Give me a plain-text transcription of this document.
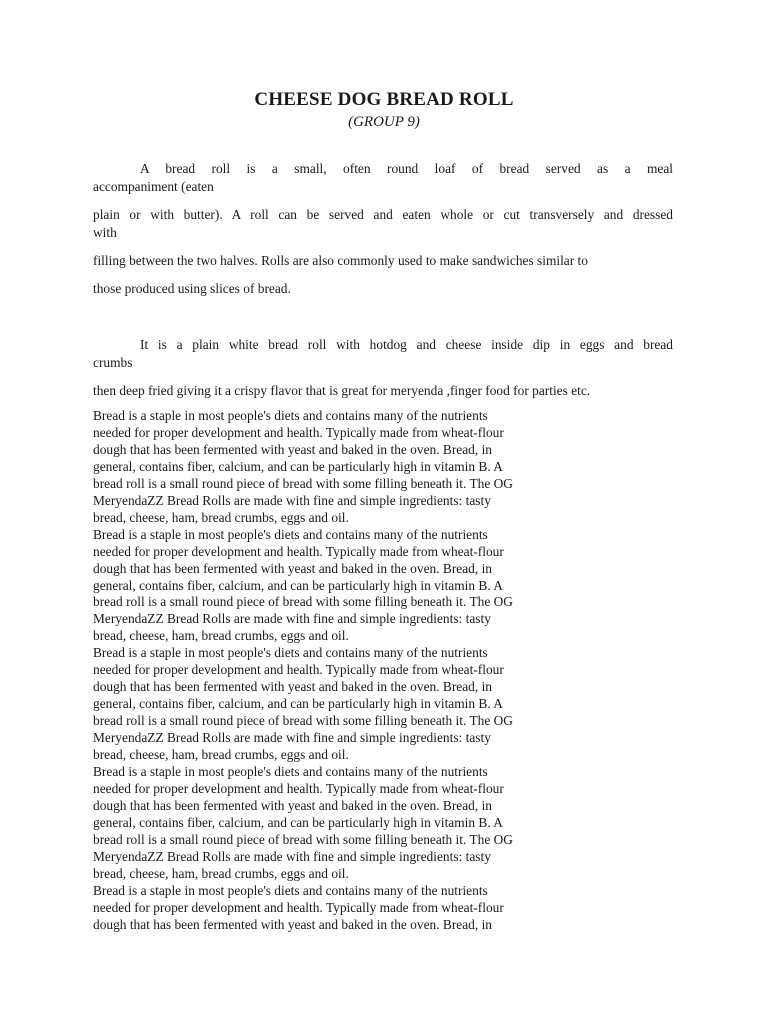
CHEESE DOG BREAD ROLL
(GROUP 9)

A bread roll is a small, often round loaf of bread served as a meal

accompaniment (eaten

plain or with butter). A roll can be served and eaten whole or cut transversely and dressed

with

filling between the two halves. Rolls are also commonly used to make sandwiches similar to

those produced using slices of bread.

It is a plain white bread roll with hotdog and cheese inside dip in eggs and bread

crumbs

then deep fried giving it a crispy flavor that is great for meryenda ,finger food for parties etc.

Bread is a staple in most people's diets and contains many of the nutrients
needed for proper development and health. Typically made from wheat-flour
dough that has been fermented with yeast and baked in the oven. Bread, in
general, contains fiber, calcium, and can be particularly high in vitamin B. A
bread roll is a small round piece of bread with some filling beneath it. The OG
MeryendaZZ Bread Rolls are made with fine and simple ingredients: tasty
bread, cheese, ham, bread crumbs, eggs and oil.
Bread is a staple in most people's diets and contains many of the nutrients
needed for proper development and health. Typically made from wheat-flour
dough that has been fermented with yeast and baked in the oven. Bread, in
general, contains fiber, calcium, and can be particularly high in vitamin B. A
bread roll is a small round piece of bread with some filling beneath it. The OG
MeryendaZZ Bread Rolls are made with fine and simple ingredients: tasty
bread, cheese, ham, bread crumbs, eggs and oil.
Bread is a staple in most people's diets and contains many of the nutrients
needed for proper development and health. Typically made from wheat-flour
dough that has been fermented with yeast and baked in the oven. Bread, in
general, contains fiber, calcium, and can be particularly high in vitamin B. A
bread roll is a small round piece of bread with some filling beneath it. The OG
MeryendaZZ Bread Rolls are made with fine and simple ingredients: tasty
bread, cheese, ham, bread crumbs, eggs and oil.
Bread is a staple in most people's diets and contains many of the nutrients
needed for proper development and health. Typically made from wheat-flour
dough that has been fermented with yeast and baked in the oven. Bread, in
general, contains fiber, calcium, and can be particularly high in vitamin B. A
bread roll is a small round piece of bread with some filling beneath it. The OG
MeryendaZZ Bread Rolls are made with fine and simple ingredients: tasty
bread, cheese, ham, bread crumbs, eggs and oil.
Bread is a staple in most people's diets and contains many of the nutrients
needed for proper development and health. Typically made from wheat-flour
dough that has been fermented with yeast and baked in the oven. Bread, in
